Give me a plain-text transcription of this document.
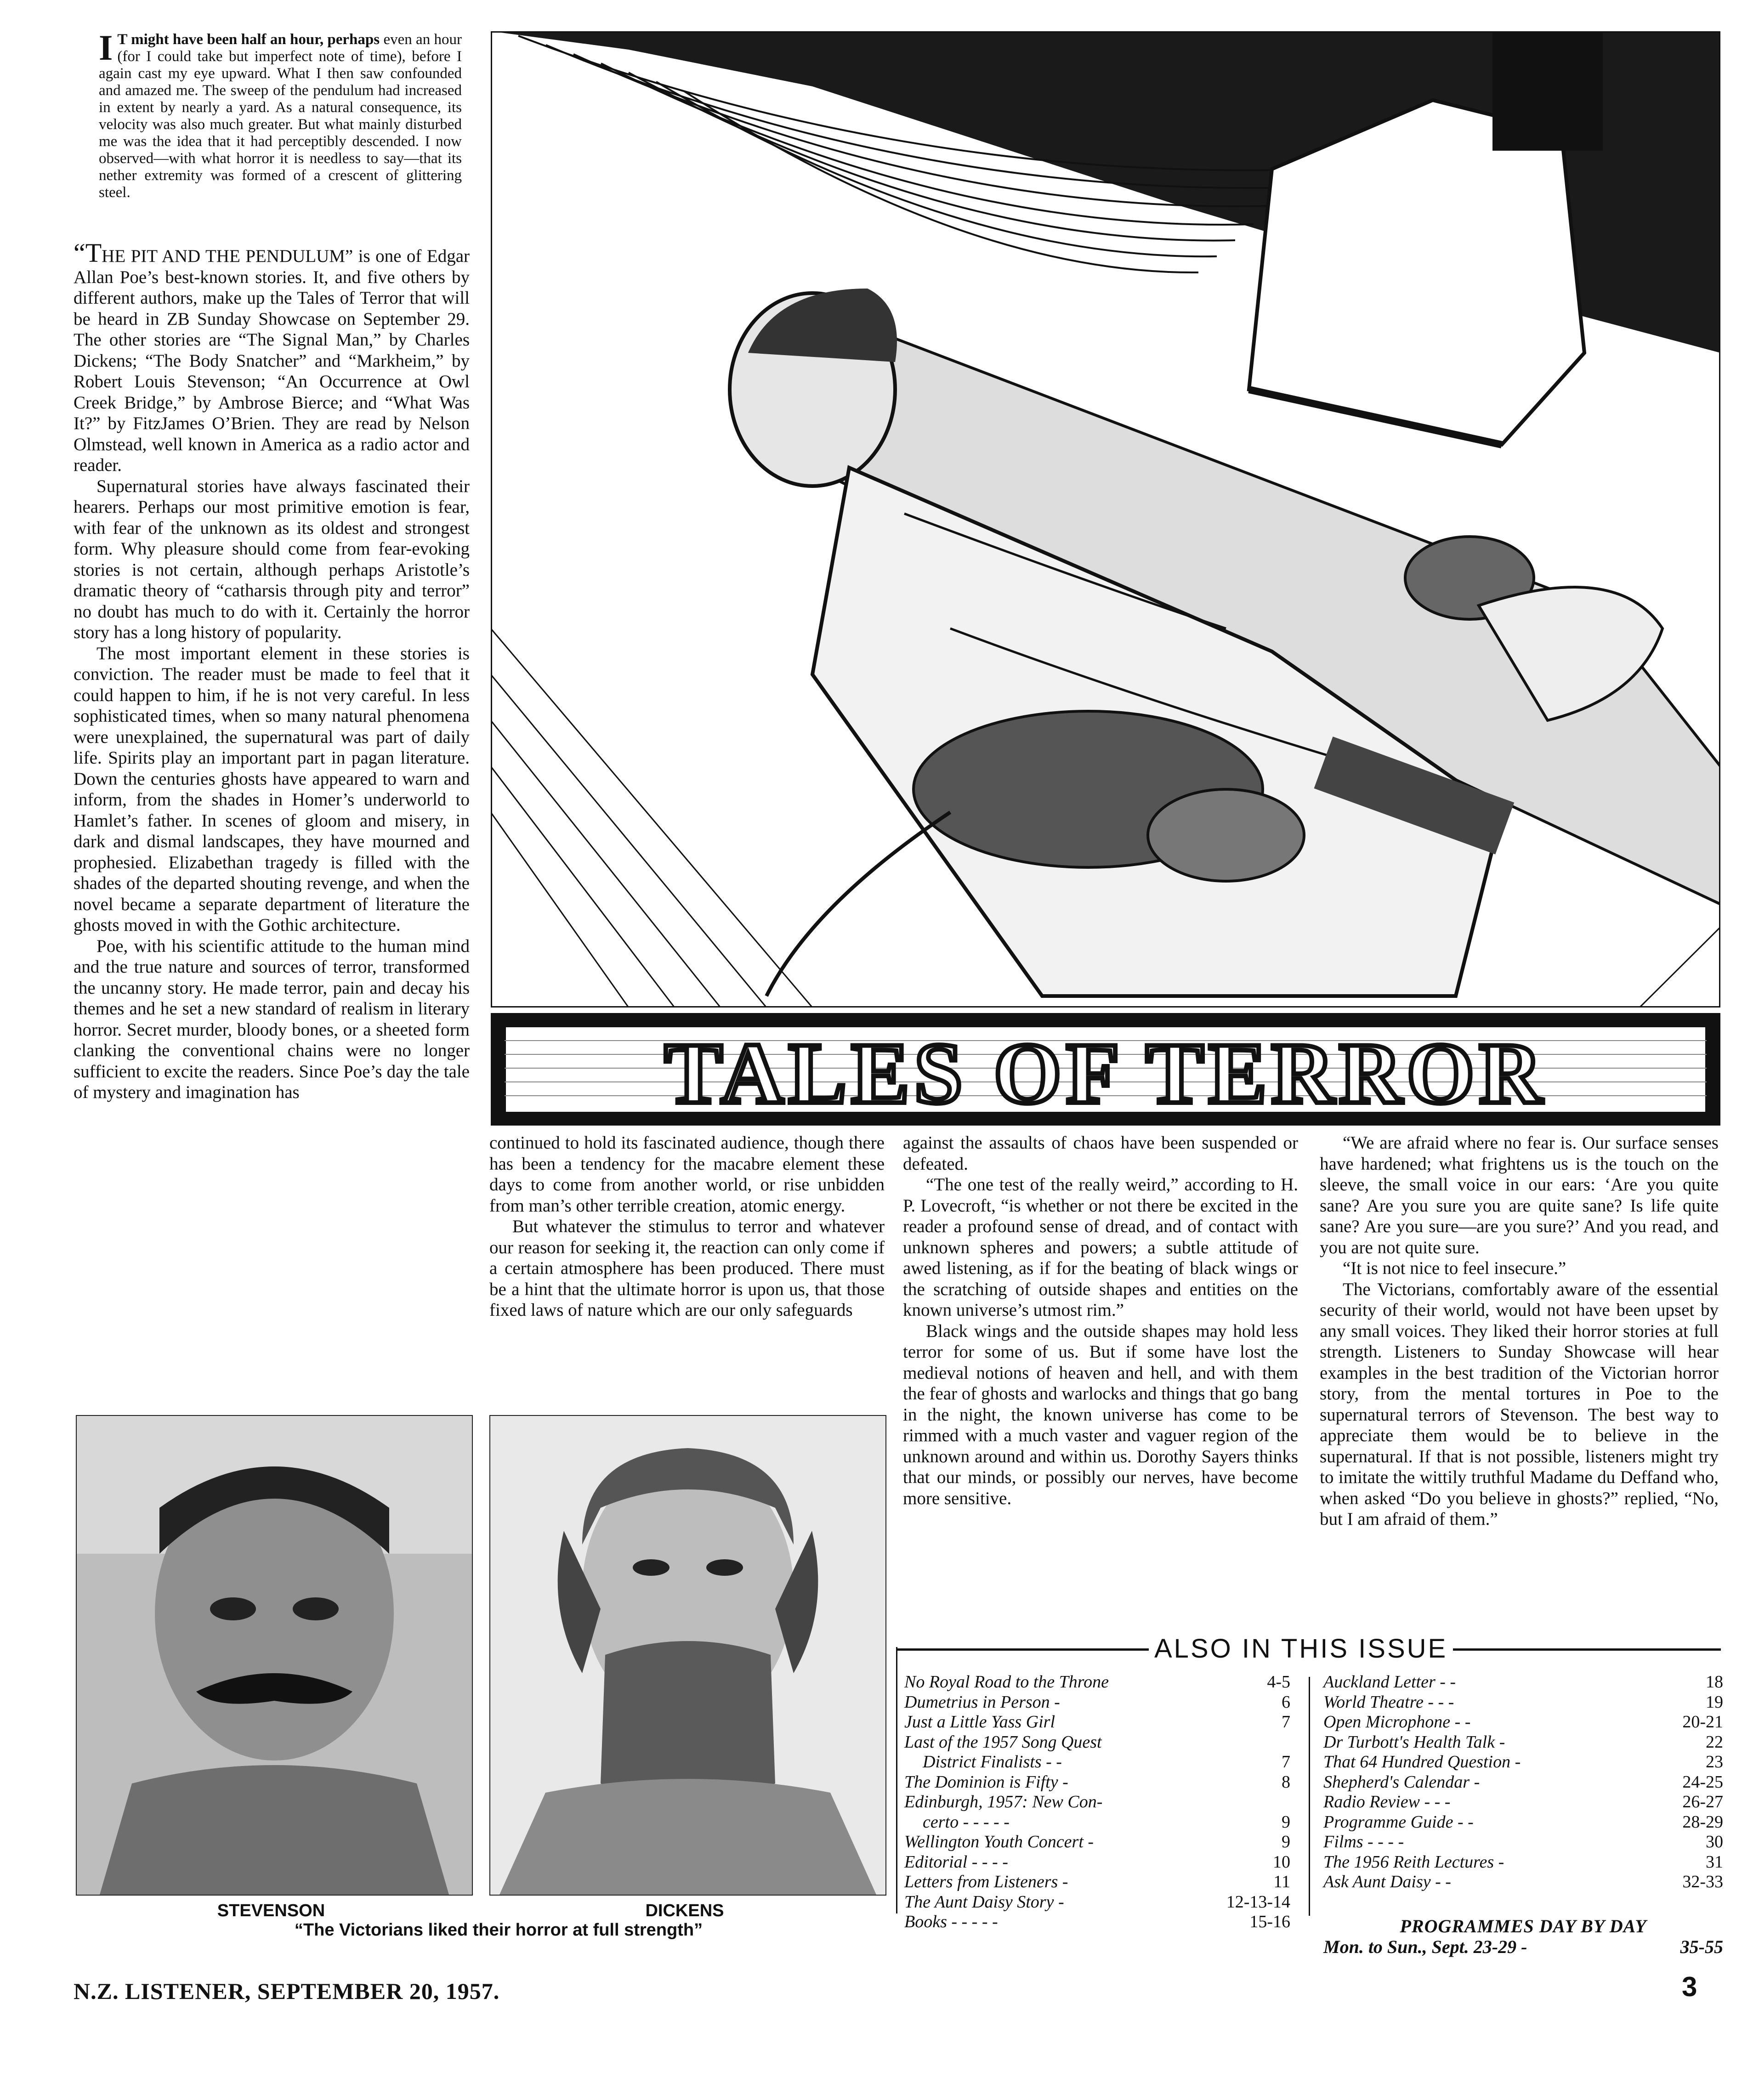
I T might have been half an hour, perhaps even an hour (for I could take but imperfect note of time), before I again cast my eye upward. What I then saw confounded and amazed me. The sweep of the pendulum had increased in extent by nearly a yard. As a natural consequence, its velocity was also much greater. But what mainly disturbed me was the idea that it had perceptibly descended. I now observed—with what horror it is needless to say—that its nether extremity was formed of a crescent of glittering steel.

“THE PIT AND THE PENDULUM” is one of Edgar Allan Poe’s best-known stories. It, and five others by different authors, make up the Tales of Terror that will be heard in ZB Sunday Showcase on September 29. The other stories are “The Signal Man,” by Charles Dickens; “The Body Snatcher” and “Markheim,” by Robert Louis Stevenson; “An Occurrence at Owl Creek Bridge,” by Ambrose Bierce; and “What Was It?” by FitzJames O’Brien. They are read by Nelson Olmstead, well known in America as a radio actor and reader.

Supernatural stories have always fascinated their hearers. Perhaps our most primitive emotion is fear, with fear of the unknown as its oldest and strongest form. Why pleasure should come from fear-evoking stories is not certain, although perhaps Aristotle’s dramatic theory of “catharsis through pity and terror” no doubt has much to do with it. Certainly the horror story has a long history of popularity.

The most important element in these stories is conviction. The reader must be made to feel that it could happen to him, if he is not very careful. In less sophisticated times, when so many natural phenomena were unexplained, the supernatural was part of daily life. Spirits play an important part in pagan literature. Down the centuries ghosts have appeared to warn and inform, from the shades in Homer’s underworld to Hamlet’s father. In scenes of gloom and misery, in dark and dismal landscapes, they have mourned and prophesied. Elizabethan tragedy is filled with the shades of the departed shouting revenge, and when the novel became a separate department of literature the ghosts moved in with the Gothic architecture.

Poe, with his scientific attitude to the human mind and the true nature and sources of terror, transformed the uncanny story. He made terror, pain and decay his themes and he set a new standard of realism in literary horror. Secret murder, bloody bones, or a sheeted form clanking the conventional chains were no longer sufficient to excite the readers. Since Poe’s day the tale of mystery and imagination has	TALES OF TERROR

continued to hold its fascinated audience, though there has been a tendency for the macabre element these days to come from another world, or rise unbidden from man’s other terrible creation, atomic energy.

But whatever the stimulus to terror and whatever our reason for seeking it, the reaction can only come if a certain atmosphere has been produced. There must be a hint that the ultimate horror is upon us, that those fixed laws of nature which are our only safeguards

against the assaults of chaos have been suspended or defeated.

“The one test of the really weird,” according to H. P. Lovecroft, “is whether or not there be excited in the reader a profound sense of dread, and of contact with unknown spheres and powers; a subtle attitude of awed listening, as if for the beating of black wings or the scratching of outside shapes and entities on the known universe’s utmost rim.”

Black wings and the outside shapes may hold less terror for some of us. But if some have lost the medieval notions of heaven and hell, and with them the fear of ghosts and warlocks and things that go bang in the night, the known universe has come to be rimmed with a much vaster and vaguer region of the unknown around and within us. Dorothy Sayers thinks that our minds, or possibly our nerves, have become more sensitive.

“We are afraid where no fear is. Our surface senses have hardened; what frightens us is the touch on the sleeve, the small voice in our ears: ‘Are you quite sane? Are you sure you are quite sane? Is life quite sane? Are you sure—are you sure?’ And you read, and you are not quite sure.

“It is not nice to feel insecure.”

The Victorians, comfortably aware of the essential security of their world, would not have been upset by any small voices. They liked their horror stories at full strength. Listeners to Sunday Showcase will hear examples in the best tradition of the Victorian horror story, from the mental tortures in Poe to the supernatural terrors of Stevenson. The best way to appreciate them would be to believe in the supernatural. If that is not possible, listeners might try to imitate the wittily truthful Madame du Deffand who, when asked “Do you believe in ghosts?” replied, “No, but I am afraid of them.”

STEVENSON	DICKENS
“The Victorians liked their horror at full strength”
ALSO IN THIS ISSUE
No Royal Road to the Throne	4-5
Dumetrius in Person -	6
Just a Little Yass Girl	7
Last of the 1957 Song Quest
District Finalists - -	7
The Dominion is Fifty -	8
Edinburgh, 1957: New Con-
certo - - - - -	9
Wellington Youth Concert -	9
Editorial - - - -	10
Letters from Listeners -	11
The Aunt Daisy Story -	12-13-14
Books - - - - -	15-16
Auckland Letter - -	18
World Theatre - - -	19
Open Microphone - -	20-21
Dr Turbott's Health Talk -	22
That 64 Hundred Question -	23
Shepherd's Calendar -	24-25
Radio Review - - -	26-27
Programme Guide - -	28-29
Films - - - -	30
The 1956 Reith Lectures -	31
Ask Aunt Daisy - -	32-33
PROGRAMMES DAY BY DAY
Mon. to Sun., Sept. 23-29 -	35-55
N.Z. LISTENER, SEPTEMBER 20, 1957.	3
